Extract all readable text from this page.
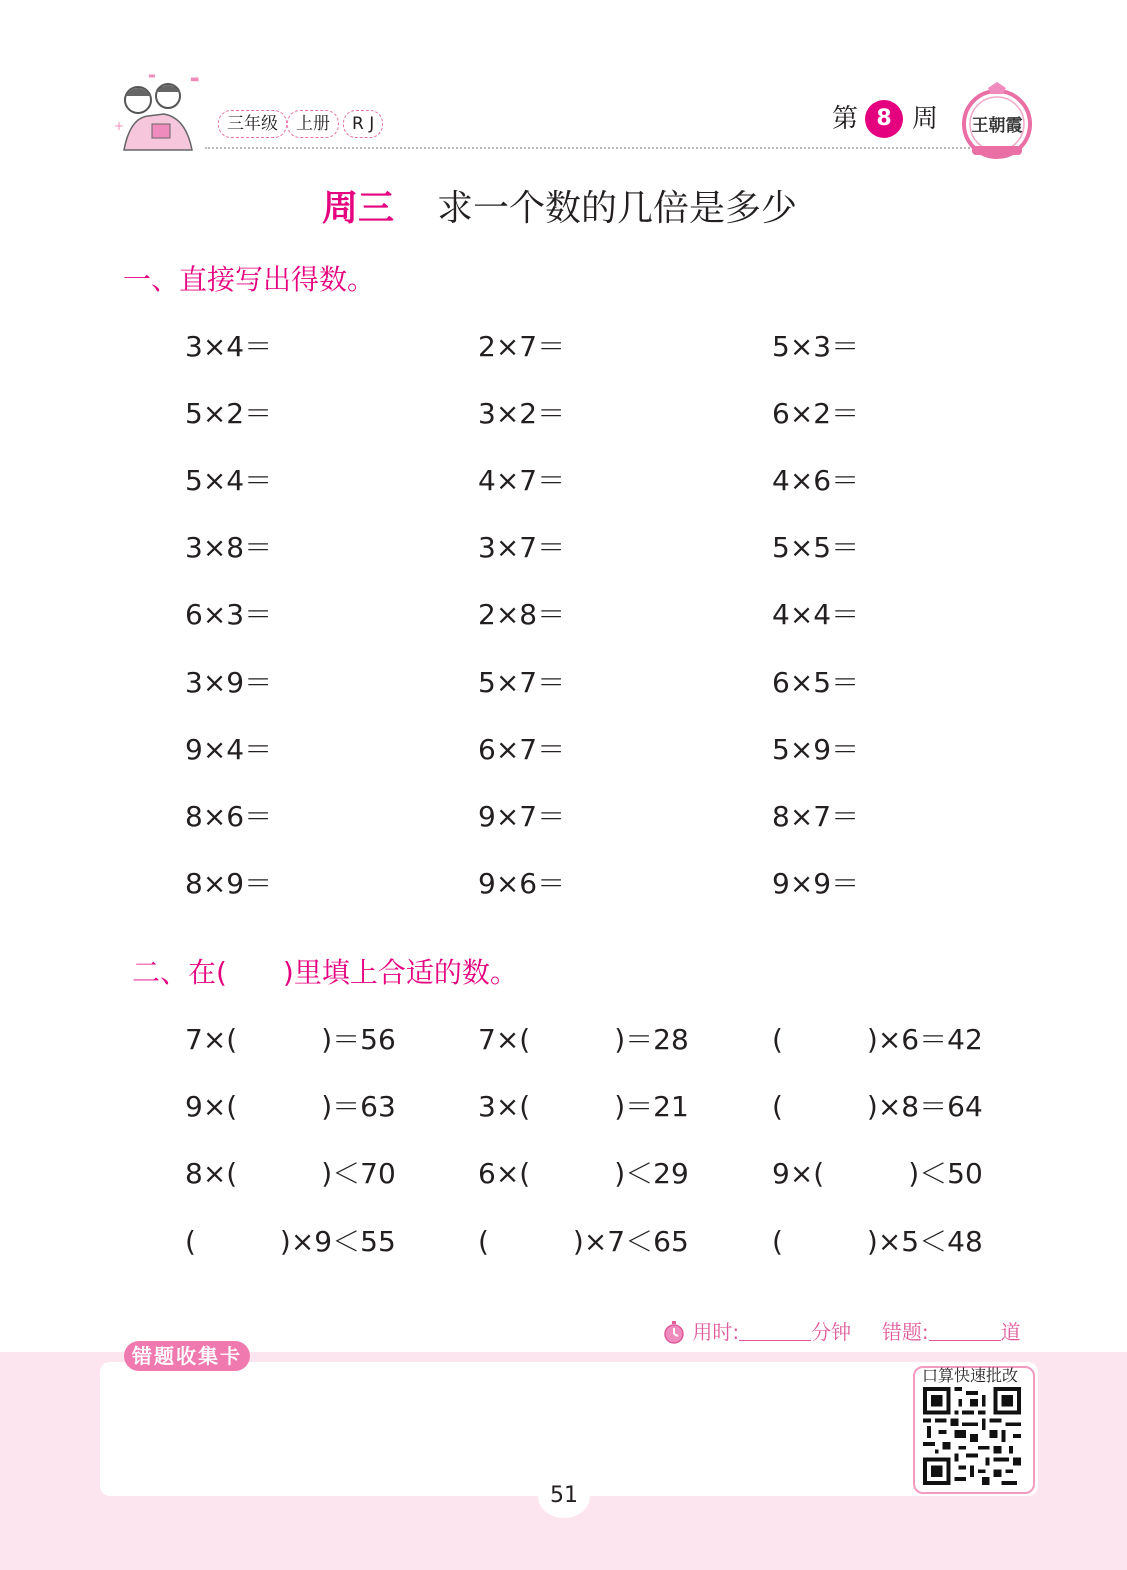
+
▬
▬
三年级	上册	R J	第 8 周 王朝霞
周三 求一个数的几倍是多少
一、直接写出得数。
3×4＝	2×7＝	5×3＝
5×2＝	3×2＝	6×2＝
5×4＝	4×7＝	4×6＝
3×8＝	3×7＝	5×5＝
6×3＝	2×8＝	4×4＝
3×9＝	5×7＝	6×5＝
9×4＝	6×7＝	5×9＝
8×6＝	9×7＝	8×7＝
8×9＝	9×6＝	9×9＝
二、在(　　)里填上合适的数。
7×(　　　)＝56	7×(　　　)＝28	(　　　)×6＝42
9×(　　　)＝63	3×(　　　)＝21	(　　　)×8＝64
8×(　　　)＜70	6×(　　　)＜29	9×(　　　)＜50
(　　　)×9＜55	(　　　)×7＜65	(　　　)×5＜48
错题收集卡
用时:	分钟 错题:	道
口算快速批改
51
